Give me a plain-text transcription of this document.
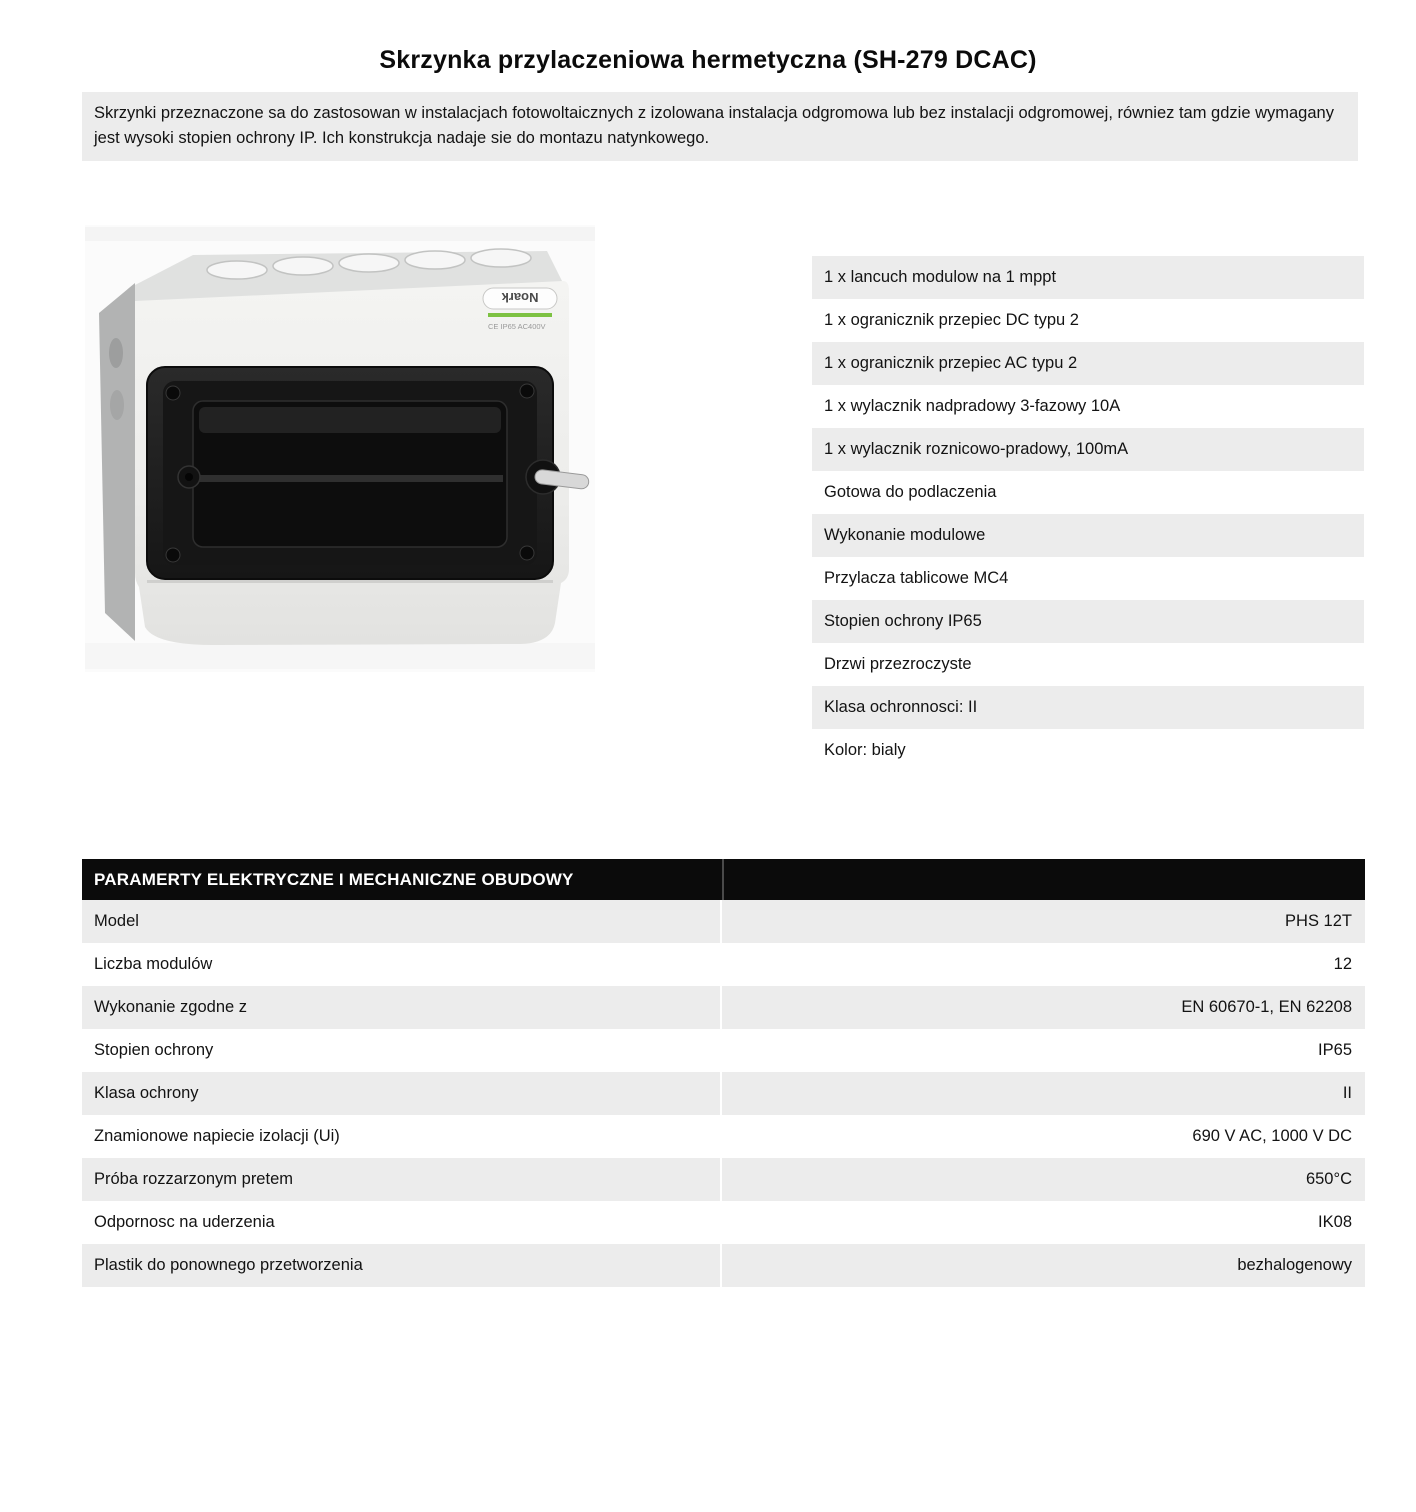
Skrzynka przylaczeniowa hermetyczna (SH-279 DCAC)
Skrzynki przeznaczone sa do zastosowan w instalacjach fotowoltaicznych z izolowana instalacja odgromowa lub bez instalacji odgromowej, równiez tam gdzie wymagany jest wysoki stopien ochrony IP. Ich konstrukcja nadaje sie do montazu natynkowego.
Noark
CE IP65 AC400V
1 x lancuch modulow na 1 mppt
1 x ogranicznik przepiec DC typu 2
1 x ogranicznik przepiec AC typu 2
1 x wylacznik nadpradowy 3-fazowy 10A
1 x wylacznik roznicowo-pradowy, 100mA
Gotowa do podlaczenia
Wykonanie modulowe
Przylacza tablicowe MC4
Stopien ochrony IP65
Drzwi przezroczyste
Klasa ochronnosci: II
Kolor: bialy
PARAMERTY ELEKTRYCZNE I MECHANICZNE OBUDOWY
Model	PHS 12T
Liczba modulów	12
Wykonanie zgodne z	EN 60670-1, EN 62208
Stopien ochrony	IP65
Klasa ochrony	II
Znamionowe napiecie izolacji (Ui)	690 V AC, 1000 V DC
Próba rozzarzonym pretem	650°C
Odpornosc na uderzenia	IK08
Plastik do ponownego przetworzenia	bezhalogenowy
